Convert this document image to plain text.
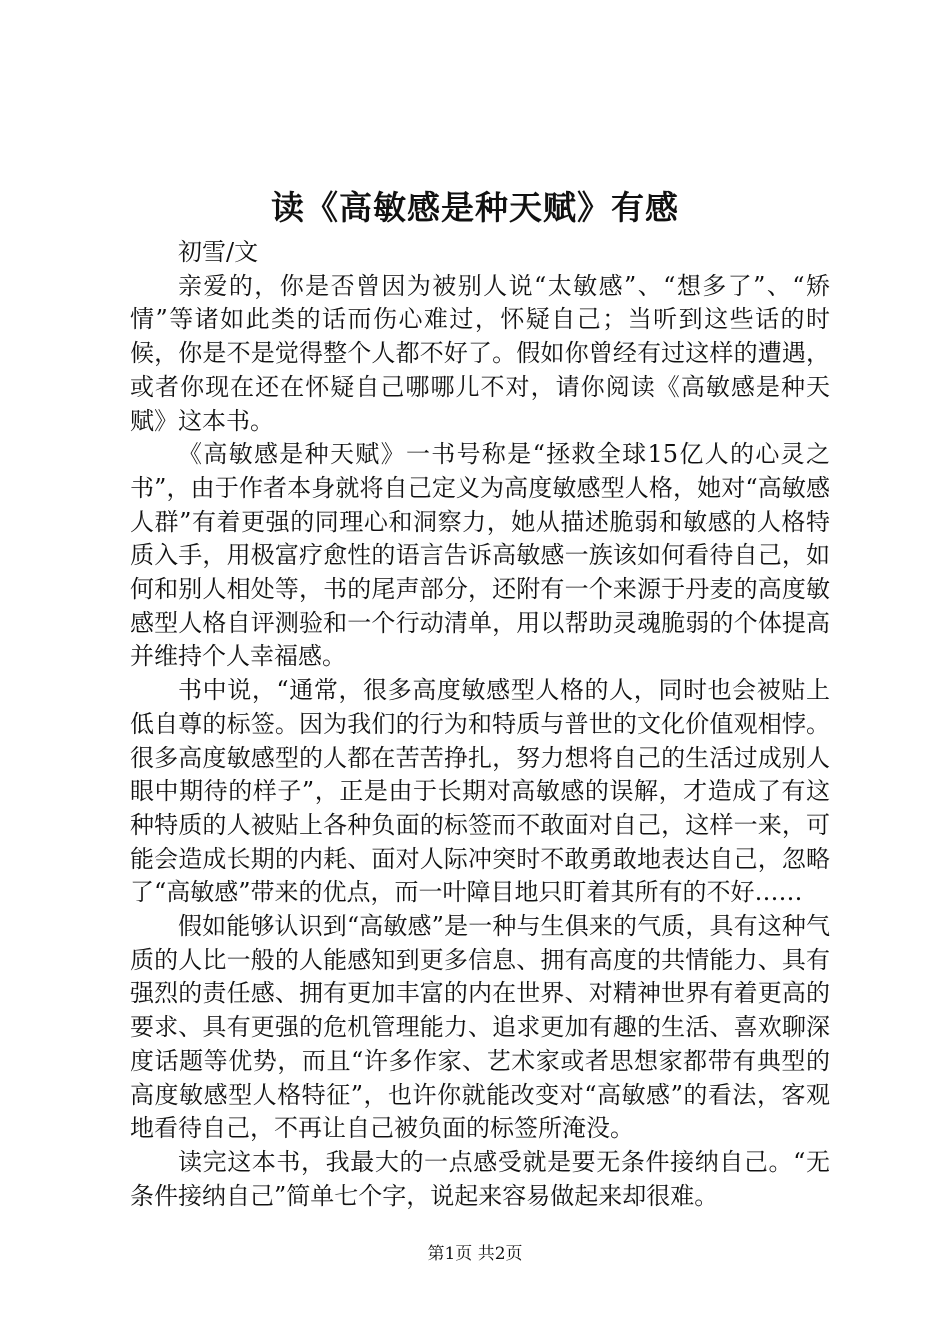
读《高敏感是种天赋》有感

初雪/文

亲爱的，你是否曾因为被别人说“太敏感”、“想多了”、“矫情”等诸如此类的话而伤心难过，怀疑自己；当听到这些话的时候，你是不是觉得整个人都不好了。假如你曾经有过这样的遭遇，或者你现在还在怀疑自己哪哪儿不对，请你阅读《高敏感是种天赋》这本书。

《高敏感是种天赋》一书号称是“拯救全球15亿人的心灵之书”，由于作者本身就将自己定义为高度敏感型人格，她对“高敏感人群”有着更强的同理心和洞察力，她从描述脆弱和敏感的人格特质入手，用极富疗愈性的语言告诉高敏感一族该如何看待自己，如何和别人相处等，书的尾声部分，还附有一个来源于丹麦的高度敏感型人格自评测验和一个行动清单，用以帮助灵魂脆弱的个体提高并维持个人幸福感。

书中说，“通常，很多高度敏感型人格的人，同时也会被贴上低自尊的标签。因为我们的行为和特质与普世的文化价值观相悖。很多高度敏感型的人都在苦苦挣扎，努力想将自己的生活过成别人眼中期待的样子”，正是由于长期对高敏感的误解，才造成了有这种特质的人被贴上各种负面的标签而不敢面对自己，这样一来，可能会造成长期的内耗、面对人际冲突时不敢勇敢地表达自己，忽略了“高敏感”带来的优点，而一叶障目地只盯着其所有的不好……

假如能够认识到“高敏感”是一种与生俱来的气质，具有这种气质的人比一般的人能感知到更多信息、拥有高度的共情能力、具有强烈的责任感、拥有更加丰富的内在世界、对精神世界有着更高的要求、具有更强的危机管理能力、追求更加有趣的生活、喜欢聊深度话题等优势，而且“许多作家、艺术家或者思想家都带有典型的高度敏感型人格特征”，也许你就能改变对“高敏感”的看法，客观地看待自己，不再让自己被负面的标签所淹没。

读完这本书，我最大的一点感受就是要无条件接纳自己。“无条件接纳自己”简单七个字，说起来容易做起来却很难。

第1页 共2页
